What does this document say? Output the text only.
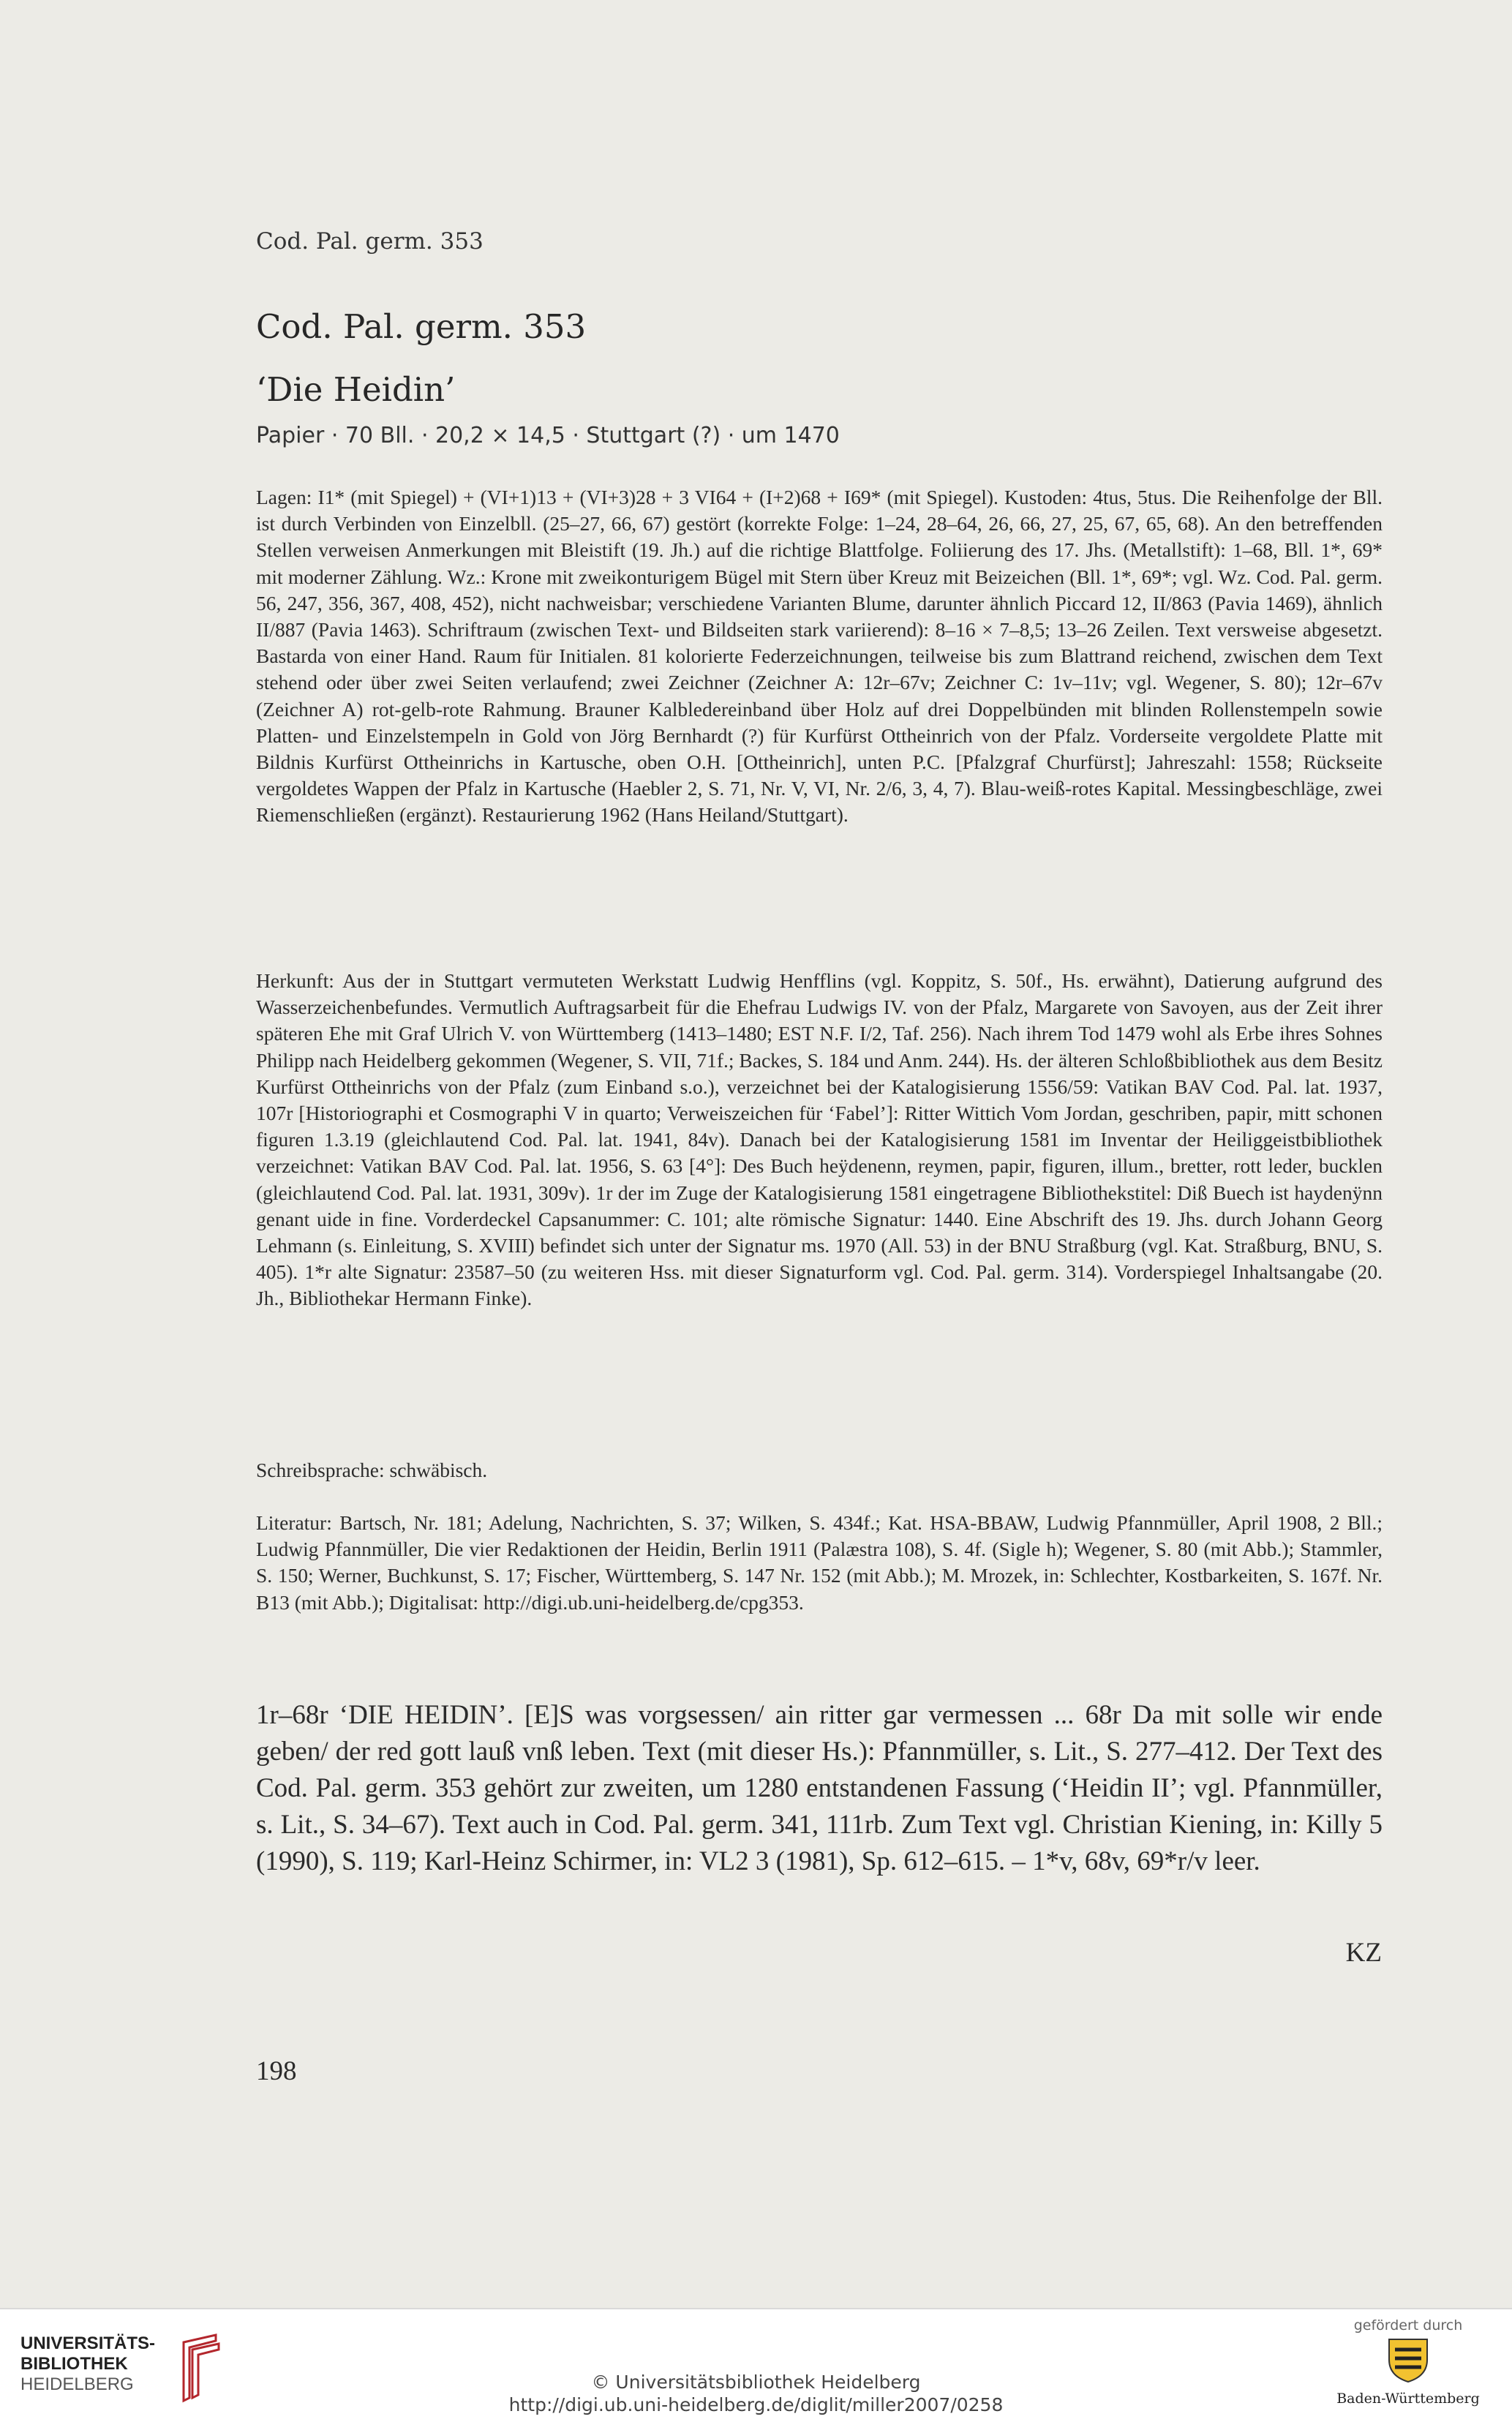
Cod. Pal. germ. 353
Cod. Pal. germ. 353
‘Die Heidin’
Papier · 70 Bll. · 20,2 × 14,5 · Stuttgart (?) · um 1470
Lagen: I1* (mit Spiegel) + (VI+1)13 + (VI+3)28 + 3 VI64 + (I+2)68 + I69* (mit Spiegel). Kustoden: 4tus, 5tus. Die Reihenfolge der Bll. ist durch Verbinden von Einzelbll. (25–27, 66, 67) gestört (korrekte Folge: 1–24, 28–64, 26, 66, 27, 25, 67, 65, 68). An den betreffenden Stellen verweisen Anmerkungen mit Bleistift (19. Jh.) auf die richtige Blattfolge. Foliierung des 17. Jhs. (Metallstift): 1–68, Bll. 1*, 69* mit moderner Zählung. Wz.: Krone mit zweikonturigem Bügel mit Stern über Kreuz mit Beizeichen (Bll. 1*, 69*; vgl. Wz. Cod. Pal. germ. 56, 247, 356, 367, 408, 452), nicht nachweisbar; verschiedene Varianten Blume, darunter ähnlich Piccard 12, II/863 (Pavia 1469), ähnlich II/887 (Pavia 1463). Schriftraum (zwischen Text- und Bildseiten stark variierend): 8–16 × 7–8,5; 13–26 Zeilen. Text versweise abgesetzt. Bastarda von einer Hand. Raum für Initialen. 81 kolorierte Federzeichnungen, teilweise bis zum Blattrand reichend, zwischen dem Text stehend oder über zwei Seiten verlaufend; zwei Zeichner (Zeichner A: 12r–67v; Zeichner C: 1v–11v; vgl. Wegener, S. 80); 12r–67v (Zeichner A) rot-gelb-rote Rahmung. Brauner Kalbledereinband über Holz auf drei Doppelbünden mit blinden Rollenstempeln sowie Platten- und Einzelstempeln in Gold von Jörg Bernhardt (?) für Kurfürst Ottheinrich von der Pfalz. Vorderseite vergoldete Platte mit Bildnis Kurfürst Ottheinrichs in Kartusche, oben O.H. [Ottheinrich], unten P.C. [Pfalzgraf Churfürst]; Jahreszahl: 1558; Rückseite vergoldetes Wappen der Pfalz in Kartusche (Haebler 2, S. 71, Nr. V, VI, Nr. 2/6, 3, 4, 7). Blau-weiß-rotes Kapital. Messingbeschläge, zwei Riemenschließen (ergänzt). Restaurierung 1962 (Hans Heiland/Stuttgart).
Herkunft: Aus der in Stuttgart vermuteten Werkstatt Ludwig Henfflins (vgl. Koppitz, S. 50f., Hs. erwähnt), Datierung aufgrund des Wasserzeichenbefundes. Vermutlich Auftragsarbeit für die Ehefrau Ludwigs IV. von der Pfalz, Margarete von Savoyen, aus der Zeit ihrer späteren Ehe mit Graf Ulrich V. von Württemberg (1413–1480; EST N.F. I/2, Taf. 256). Nach ihrem Tod 1479 wohl als Erbe ihres Sohnes Philipp nach Heidelberg gekommen (Wegener, S. VII, 71f.; Backes, S. 184 und Anm. 244). Hs. der älteren Schloßbibliothek aus dem Besitz Kurfürst Ottheinrichs von der Pfalz (zum Einband s.o.), verzeichnet bei der Katalogisierung 1556/59: Vatikan BAV Cod. Pal. lat. 1937, 107r [Historiographi et Cosmographi V in quarto; Verweiszeichen für ‘Fabel’]: Ritter Wittich Vom Jordan, geschriben, papir, mitt schonen figuren 1.3.19 (gleichlautend Cod. Pal. lat. 1941, 84v). Danach bei der Katalogisierung 1581 im Inventar der Heiliggeistbibliothek verzeichnet: Vatikan BAV Cod. Pal. lat. 1956, S. 63 [4°]: Des Buch heÿdenenn, reymen, papir, figuren, illum., bretter, rott leder, bucklen (gleichlautend Cod. Pal. lat. 1931, 309v). 1r der im Zuge der Katalogisierung 1581 eingetragene Bibliothekstitel: Diß Buech ist haydenÿnn genant uide in fine. Vorderdeckel Capsanummer: C. 101; alte römische Signatur: 1440. Eine Abschrift des 19. Jhs. durch Johann Georg Lehmann (s. Einleitung, S. XVIII) befindet sich unter der Signatur ms. 1970 (All. 53) in der BNU Straßburg (vgl. Kat. Straßburg, BNU, S. 405). 1*r alte Signatur: 23587–50 (zu weiteren Hss. mit dieser Signaturform vgl. Cod. Pal. germ. 314). Vorderspiegel Inhaltsangabe (20. Jh., Bibliothekar Hermann Finke).
Schreibsprache: schwäbisch.
Literatur: Bartsch, Nr. 181; Adelung, Nachrichten, S. 37; Wilken, S. 434f.; Kat. HSA-BBAW, Ludwig Pfannmüller, April 1908, 2 Bll.; Ludwig Pfannmüller, Die vier Redaktionen der Heidin, Berlin 1911 (Palæstra 108), S. 4f. (Sigle h); Wegener, S. 80 (mit Abb.); Stammler, S. 150; Werner, Buchkunst, S. 17; Fischer, Württemberg, S. 147 Nr. 152 (mit Abb.); M. Mrozek, in: Schlechter, Kostbarkeiten, S. 167f. Nr. B13 (mit Abb.); Digitalisat: http://digi.ub.uni-heidelberg.de/cpg353.
1r–68r ‘DIE HEIDIN’. [E]S was vorgsessen/ ain ritter gar vermessen ... 68r Da mit solle wir ende geben/ der red gott lauß vnß leben. Text (mit dieser Hs.): Pfannmüller, s. Lit., S. 277–412. Der Text des Cod. Pal. germ. 353 gehört zur zweiten, um 1280 entstandenen Fassung (‘Heidin II’; vgl. Pfannmüller, s. Lit., S. 34–67). Text auch in Cod. Pal. germ. 341, 111rb. Zum Text vgl. Christian Kiening, in: Killy 5 (1990), S. 119; Karl-Heinz Schirmer, in: VL2 3 (1981), Sp. 612–615. – 1*v, 68v, 69*r/v leer.
KZ
198
UNIVERSITÄTS-
BIBLIOTHEK
HEIDELBERG	© Universitätsbibliothek Heidelberg
http://digi.ub.uni-heidelberg.de/diglit/miller2007/0258
gefördert durch
Baden-Württemberg
